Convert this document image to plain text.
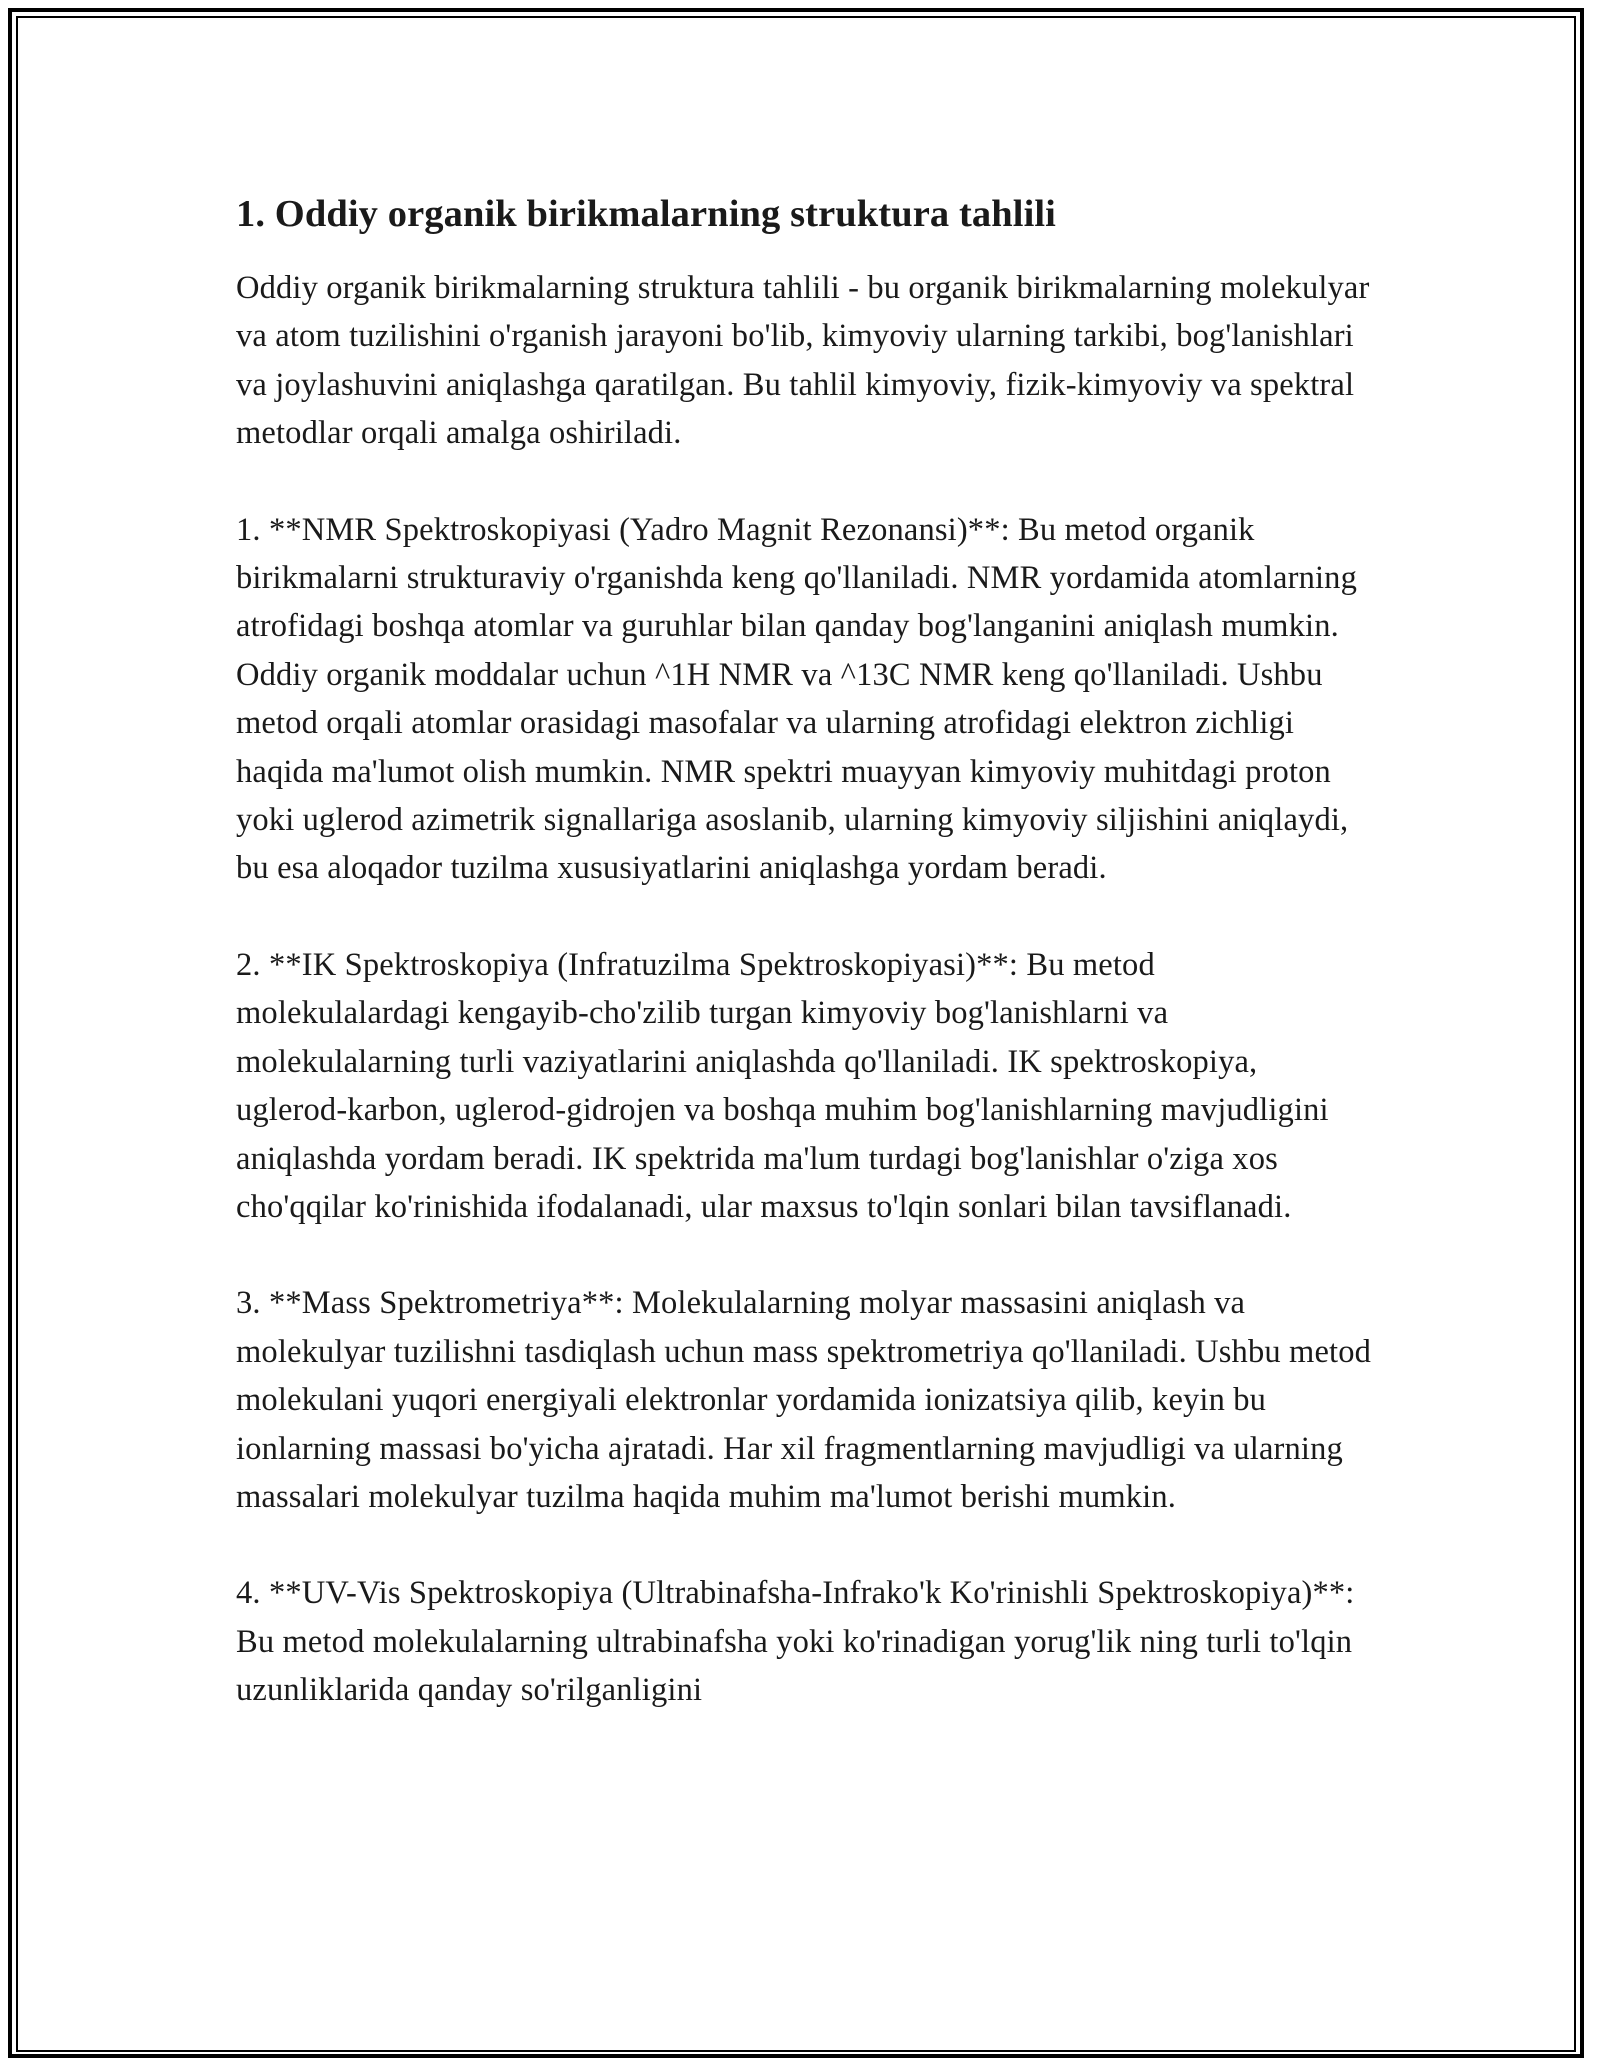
1. Oddiy organik birikmalarning struktura tahlili

Oddiy organik birikmalarning struktura tahlili - bu organik birikmalarning molekulyar va atom tuzilishini o'rganish jarayoni bo'lib, kimyoviy ularning tarkibi, bog'lanishlari va joylashuvini aniqlashga qaratilgan. Bu tahlil kimyoviy, fizik-kimyoviy va spektral metodlar orqali amalga oshiriladi.

1. **NMR Spektroskopiyasi (Yadro Magnit Rezonansi)**: Bu metod organik birikmalarni strukturaviy o'rganishda keng qo'llaniladi. NMR yordamida atomlarning atrofidagi boshqa atomlar va guruhlar bilan qanday bog'langanini aniqlash mumkin. Oddiy organik moddalar uchun ^1H NMR va ^13C NMR keng qo'llaniladi. Ushbu metod orqali atomlar orasidagi masofalar va ularning atrofidagi elektron zichligi haqida ma'lumot olish mumkin. NMR spektri muayyan kimyoviy muhitdagi proton yoki uglerod azimetrik signallariga asoslanib, ularning kimyoviy siljishini aniqlaydi, bu esa aloqador tuzilma xususiyatlarini aniqlashga yordam beradi.

2. **IK Spektroskopiya (Infratuzilma Spektroskopiyasi)**: Bu metod molekulalardagi kengayib-cho'zilib turgan kimyoviy bog'lanishlarni va molekulalarning turli vaziyatlarini aniqlashda qo'llaniladi. IK spektroskopiya, uglerod-karbon, uglerod-gidrojen va boshqa muhim bog'lanishlarning mavjudligini aniqlashda yordam beradi. IK spektrida ma'lum turdagi bog'lanishlar o'ziga xos cho'qqilar ko'rinishida ifodalanadi, ular maxsus to'lqin sonlari bilan tavsiflanadi.

3. **Mass Spektrometriya**: Molekulalarning molyar massasini aniqlash va molekulyar tuzilishni tasdiqlash uchun mass spektrometriya qo'llaniladi. Ushbu metod molekulani yuqori energiyali elektronlar yordamida ionizatsiya qilib, keyin bu ionlarning massasi bo'yicha ajratadi. Har xil fragmentlarning mavjudligi va ularning massalari molekulyar tuzilma haqida muhim ma'lumot berishi mumkin.

4. **UV-Vis Spektroskopiya (Ultrabinafsha-Infrako'k Ko'rinishli Spektroskopiya)**: Bu metod molekulalarning ultrabinafsha yoki ko'rinadigan yorug'lik ning turli to'lqin uzunliklarida qanday so'rilganligini
